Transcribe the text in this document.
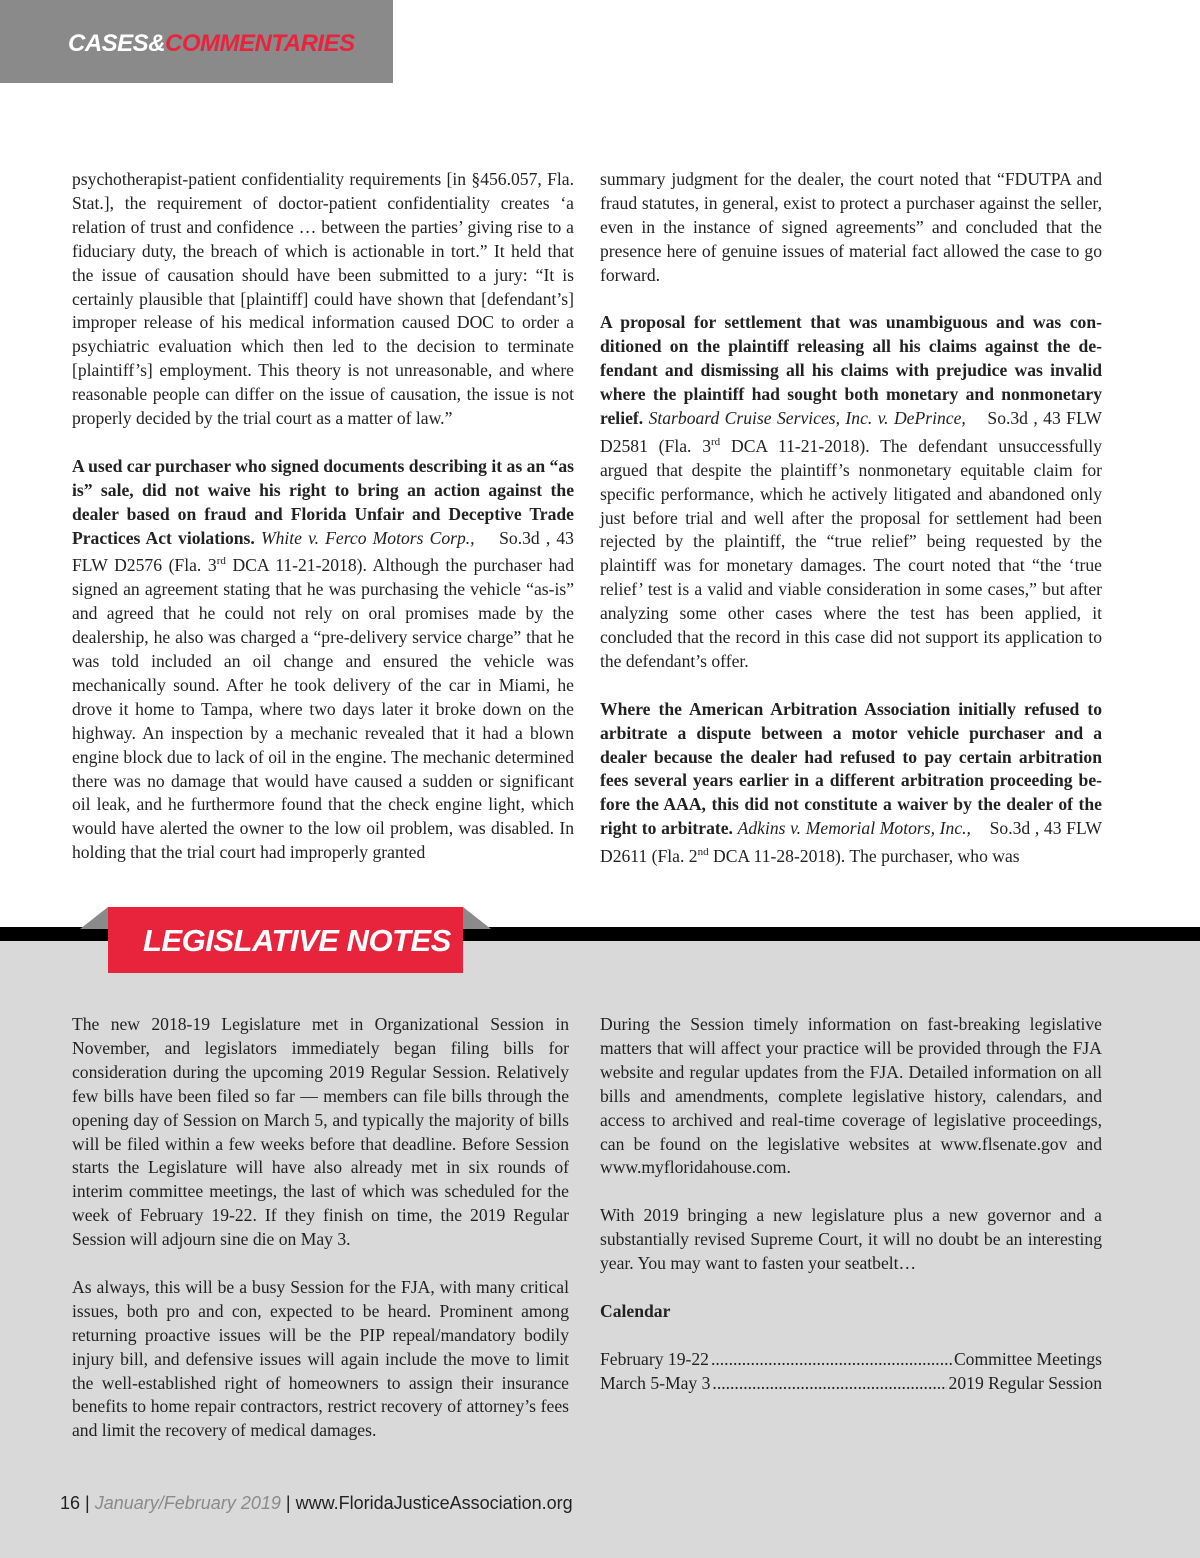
CASES&COMMENTARIES

psychotherapist-patient confidentiality requirements [in §456.057, Fla. Stat.], the requirement of doctor-patient confidentiality creates ‘a relation of trust and confidence … between the parties’ giving rise to a fiduciary duty, the breach of which is actionable in tort.” It held that the issue of causation should have been submitted to a jury: “It is certainly plausible that [plaintiff] could have shown that [defendant’s] improper release of his medical information caused DOC to order a psychiatric evaluation which then led to the decision to terminate [plaintiff’s] employment. This theory is not unreasonable, and where reasonable people can differ on the issue of causation, the issue is not properly decided by the trial court as a matter of law.”

A used car purchaser who signed documents describing it as an “as is” sale, did not waive his right to bring an action against the dealer based on fraud and Florida Unfair and Deceptive Trade Practices Act violations. White v. Ferco Motors Corp., So.3d , 43 FLW D2576 (Fla. 3rd DCA 11-21-2018). Although the purchaser had signed an agreement stating that he was purchasing the vehicle “as-is” and agreed that he could not rely on oral promises made by the dealership, he also was charged a “pre-delivery service charge” that he was told included an oil change and ensured the vehicle was mechanically sound. After he took delivery of the car in Miami, he drove it home to Tampa, where two days later it broke down on the highway. An inspection by a mechanic revealed that it had a blown engine block due to lack of oil in the engine. The mechanic determined there was no damage that would have caused a sudden or significant oil leak, and he furthermore found that the check engine light, which would have alerted the owner to the low oil problem, was disabled. In holding that the trial court had improperly granted

summary judgment for the dealer, the court noted that “FDUTPA and fraud statutes, in general, exist to protect a purchaser against the seller, even in the instance of signed agreements” and concluded that the presence here of genuine issues of material fact allowed the case to go forward.

A proposal for settlement that was unambiguous and was conditioned on the plaintiff releasing all his claims against the defendant and dismissing all his claims with prejudice was invalid where the plaintiff had sought both monetary and nonmonetary relief. Starboard Cruise Services, Inc. v. DePrince, So.3d , 43 FLW D2581 (Fla. 3rd DCA 11-21-2018). The defendant unsuccessfully argued that despite the plaintiff’s nonmonetary equitable claim for specific performance, which he actively litigated and abandoned only just before trial and well after the proposal for settlement had been rejected by the plaintiff, the “true relief” being requested by the plaintiff was for monetary damages. The court noted that “the ‘true relief’ test is a valid and viable consideration in some cases,” but after analyzing some other cases where the test has been applied, it concluded that the record in this case did not support its application to the defendant’s offer.

Where the American Arbitration Association initially refused to arbitrate a dispute between a motor vehicle purchaser and a dealer because the dealer had refused to pay certain arbitration fees several years earlier in a different arbitration proceeding before the AAA, this did not constitute a waiver by the dealer of the right to arbitrate. Adkins v. Memorial Motors, Inc., So.3d , 43 FLW D2611 (Fla. 2nd DCA 11-28-2018). The purchaser, who was

LEGISLATIVE NOTES

The new 2018-19 Legislature met in Organizational Session in November, and legislators immediately began filing bills for consideration during the upcoming 2019 Regular Session. Relatively few bills have been filed so far — members can file bills through the opening day of Session on March 5, and typically the majority of bills will be filed within a few weeks before that deadline. Before Session starts the Legislature will have also already met in six rounds of interim committee meetings, the last of which was scheduled for the week of February 19-22. If they finish on time, the 2019 Regular Session will adjourn sine die on May 3.

As always, this will be a busy Session for the FJA, with many critical issues, both pro and con, expected to be heard. Prominent among returning proactive issues will be the PIP repeal/mandatory bodily injury bill, and defensive issues will again include the move to limit the well-established right of homeowners to assign their insurance benefits to home repair contractors, restrict recovery of attorney’s fees and limit the recovery of medical damages.

During the Session timely information on fast-breaking legislative matters that will affect your practice will be provided through the FJA website and regular updates from the FJA. Detailed information on all bills and amendments, complete legislative history, calendars, and access to archived and real-time coverage of legislative proceedings, can be found on the legislative websites at www.flsenate.gov and www.myfloridahouse.com.

With 2019 bringing a new legislature plus a new governor and a substantially revised Supreme Court, it will no doubt be an interesting year. You may want to fasten your seatbelt…

Calendar

February 19-22 .....	Committee Meetings
March 5-May 3 .....	2019 Regular Session
16 | January/February 2019 | www.FloridaJusticeAssociation.org
